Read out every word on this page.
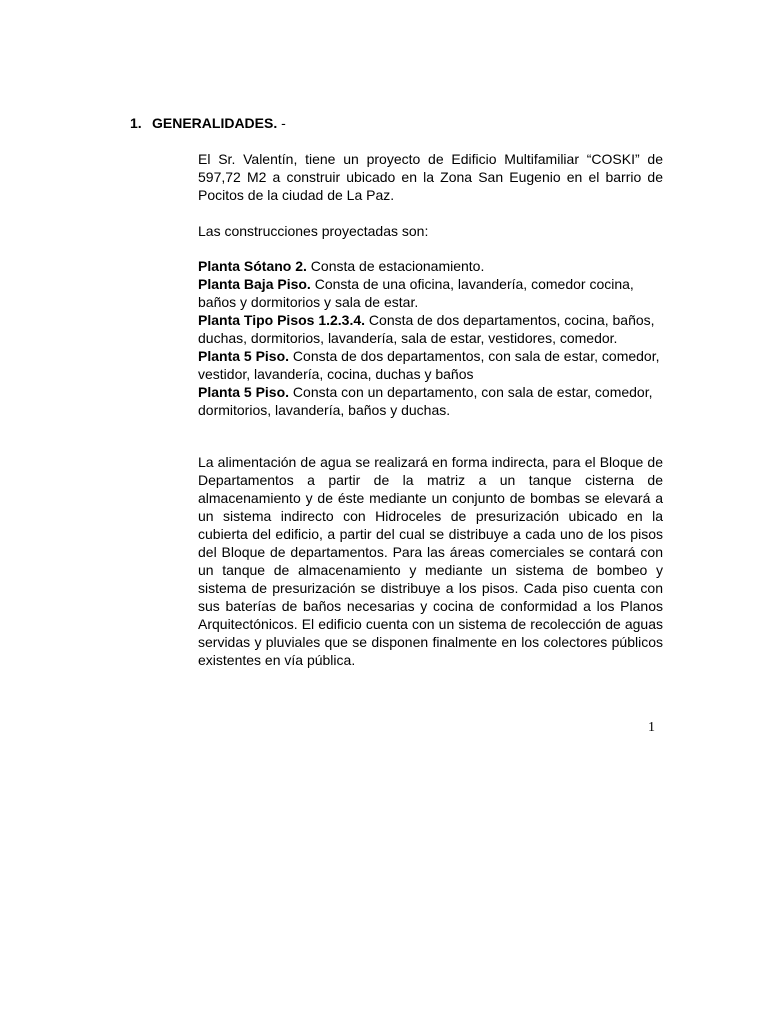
1. GENERALIDADES. -

El Sr. Valentín, tiene un proyecto de Edificio Multifamiliar “COSKI” de 597,72 M2 a construir ubicado en la Zona San Eugenio en el barrio de Pocitos de la ciudad de La Paz.

Las construcciones proyectadas son:

Planta Sótano 2. Consta de estacionamiento.

Planta Baja Piso. Consta de una oficina, lavandería, comedor cocina, baños y dormitorios y sala de estar.

Planta Tipo Pisos 1.2.3.4. Consta de dos departamentos, cocina, baños, duchas, dormitorios, lavandería, sala de estar, vestidores, comedor.

Planta 5 Piso. Consta de dos departamentos, con sala de estar, comedor, vestidor, lavandería, cocina, duchas y baños

Planta 5 Piso. Consta con un departamento, con sala de estar, comedor, dormitorios, lavandería, baños y duchas.

La alimentación de agua se realizará en forma indirecta, para el Bloque de Departamentos a partir de la matriz a un tanque cisterna de almacenamiento y de éste mediante un conjunto de bombas se elevará a un sistema indirecto con Hidroceles de presurización ubicado en la cubierta del edificio, a partir del cual se distribuye a cada uno de los pisos del Bloque de departamentos. Para las áreas comerciales se contará con un tanque de almacenamiento y mediante un sistema de bombeo y sistema de presurización se distribuye a los pisos. Cada piso cuenta con sus baterías de baños necesarias y cocina de conformidad a los Planos Arquitectónicos. El edificio cuenta con un sistema de recolección de aguas servidas y pluviales que se disponen finalmente en los colectores públicos existentes en vía pública.

1
